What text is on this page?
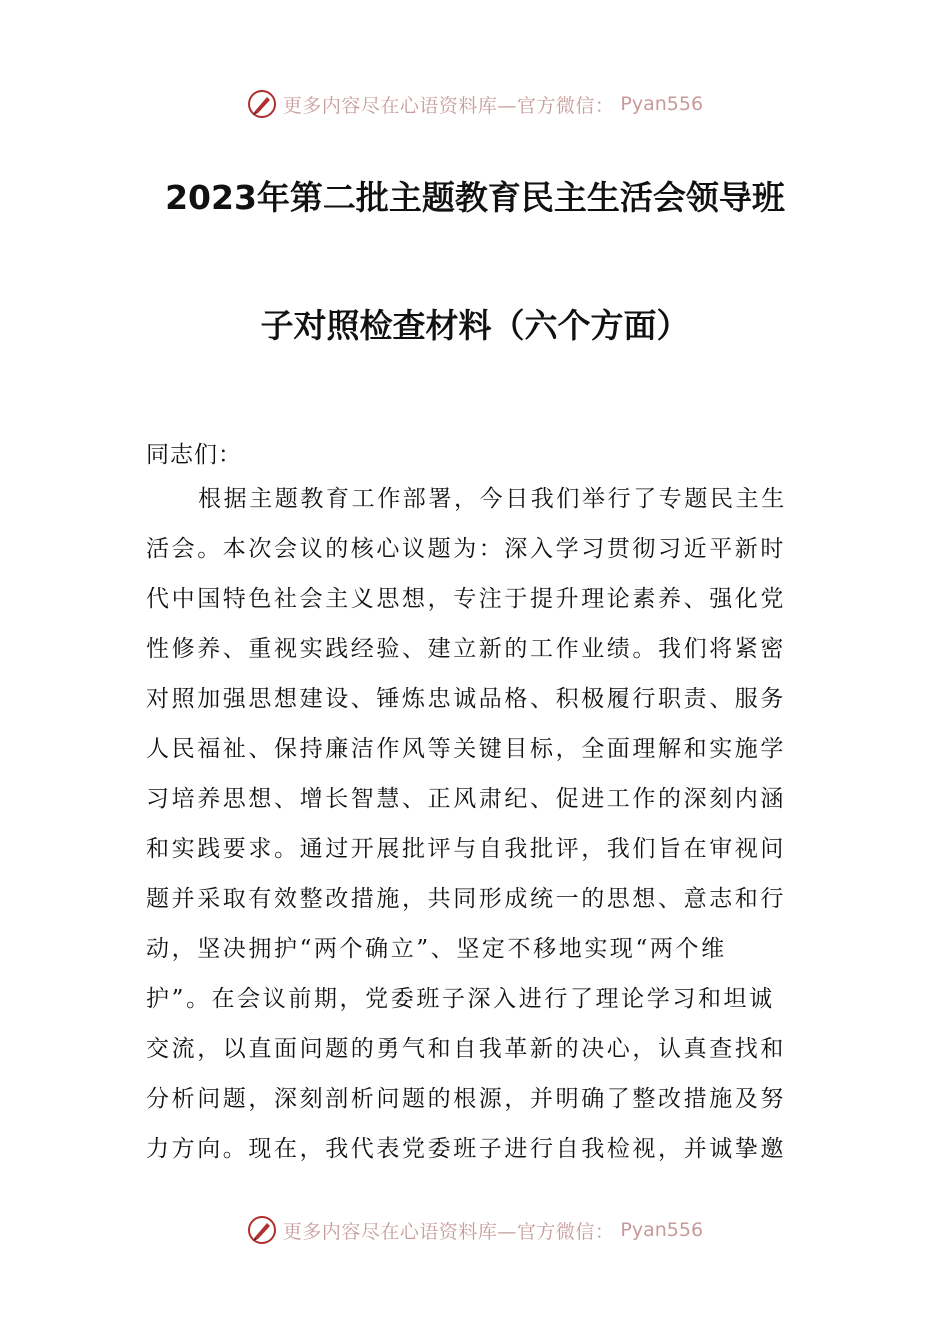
更多内容尽在心语资料库—官方微信： Pyan556
2023年第二批主题教育民主生活会领导班
子对照检查材料（六个方面）
同志们：
根据主题教育工作部署，今日我们举行了专题民主生
活会。本次会议的核心议题为：深入学习贯彻习近平新时
代中国特色社会主义思想，专注于提升理论素养、强化党
性修养、重视实践经验、建立新的工作业绩。我们将紧密
对照加强思想建设、锤炼忠诚品格、积极履行职责、服务
人民福祉、保持廉洁作风等关键目标，全面理解和实施学
习培养思想、增长智慧、正风肃纪、促进工作的深刻内涵
和实践要求。通过开展批评与自我批评，我们旨在审视问
题并采取有效整改措施，共同形成统一的思想、意志和行
动，坚决拥护“两个确立”、坚定不移地实现“两个维
护”。在会议前期，党委班子深入进行了理论学习和坦诚
交流，以直面问题的勇气和自我革新的决心，认真查找和
分析问题，深刻剖析问题的根源，并明确了整改措施及努
力方向。现在，我代表党委班子进行自我检视，并诚挚邀
更多内容尽在心语资料库—官方微信： Pyan556
